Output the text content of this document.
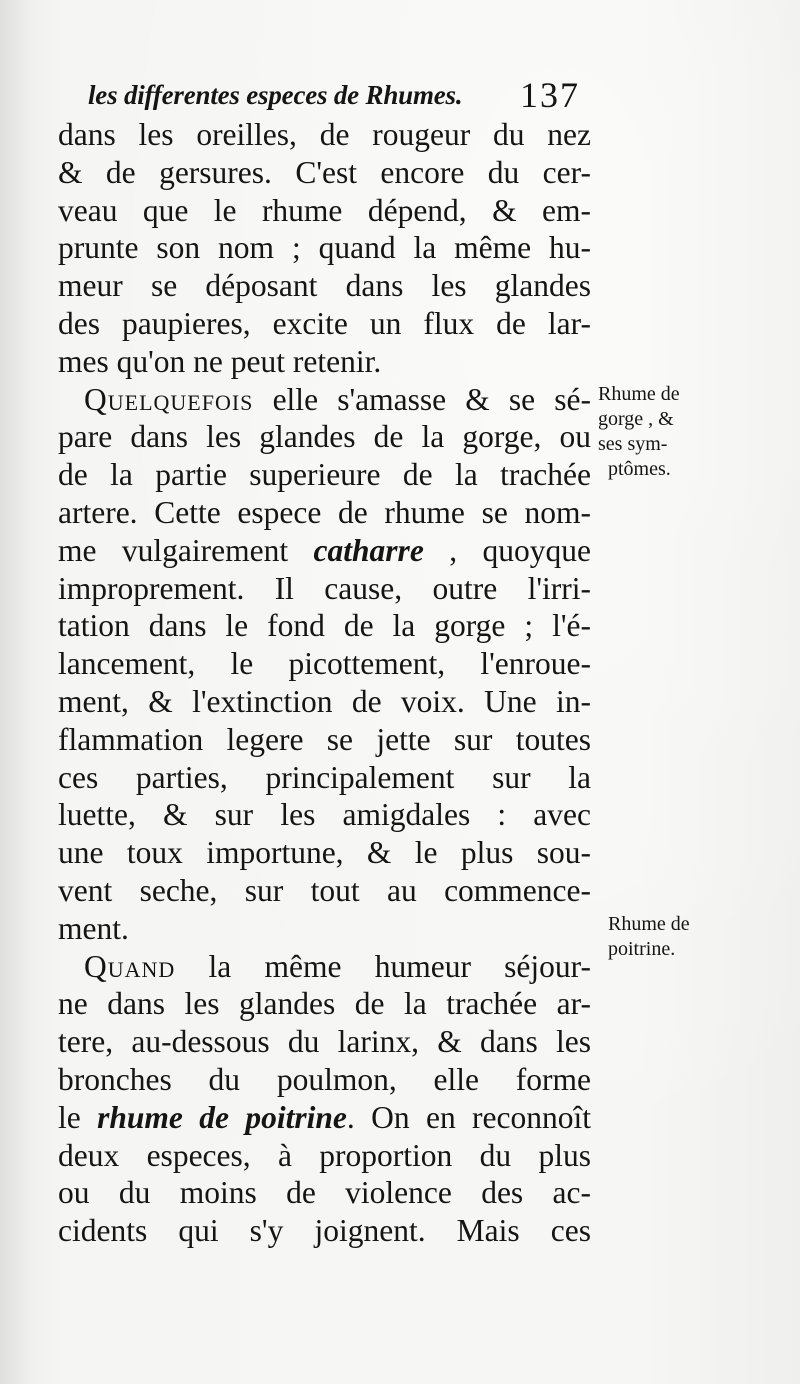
les differentes especes de Rhumes. 137
dans les oreilles, de rougeur du nez
& de gersures. C'est encore du cer-
veau que le rhume dépend, & em-
prunte son nom ; quand la même hu-
meur se déposant dans les glandes
des paupieres, excite un flux de lar-
mes qu'on ne peut retenir.
Quelquefois elle s'amasse & se sé-
pare dans les glandes de la gorge, ou
de la partie superieure de la trachée
artere. Cette espece de rhume se nom-
me vulgairement catharre , quoyque
improprement. Il cause, outre l'irri-
tation dans le fond de la gorge ; l'é-
lancement, le picottement, l'enroue-
ment, & l'extinction de voix. Une in-
flammation legere se jette sur toutes
ces parties, principalement sur la
luette, & sur les amigdales : avec
une toux importune, & le plus sou-
vent seche, sur tout au commence-
ment.
Quand la même humeur séjour-
ne dans les glandes de la trachée ar-
tere, au-dessous du larinx, & dans les
bronches du poulmon, elle forme
le rhume de poitrine. On en reconnoît
deux especes, à proportion du plus
ou du moins de violence des ac-
cidents qui s'y joignent. Mais ces
Rhume de
gorge , &
ses sym-
ptômes.
Rhume de
poitrine.
